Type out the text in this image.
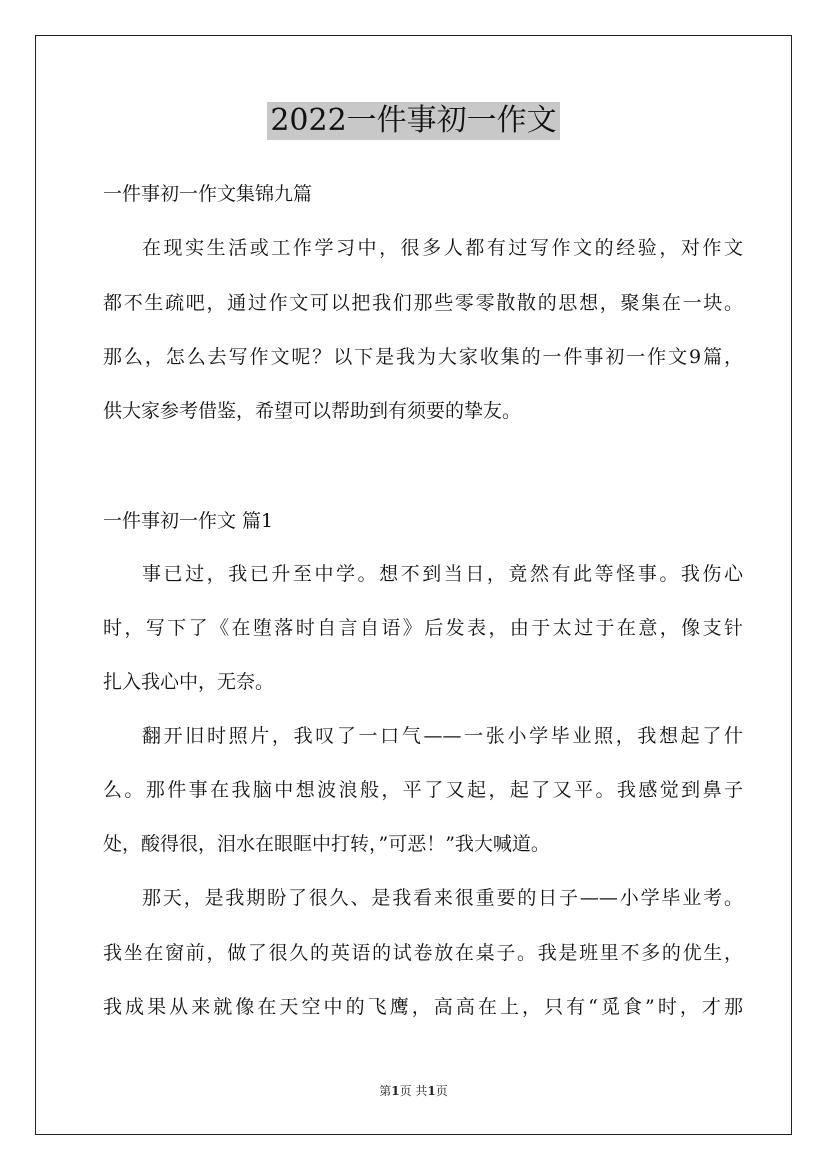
2022一件事初一作文
一件事初一作文集锦九篇
在现实生活或工作学习中，很多人都有过写作文的经验，对作文
都不生疏吧，通过作文可以把我们那些零零散散的思想，聚集在一块。
那么，怎么去写作文呢？以下是我为大家收集的一件事初一作文9篇，
供大家参考借鉴，希望可以帮助到有须要的挚友。
一件事初一作文 篇1
事已过，我已升至中学。想不到当日，竟然有此等怪事。我伤心
时，写下了《在堕落时自言自语》后发表，由于太过于在意，像支针
扎入我心中，无奈。
翻开旧时照片，我叹了一口气——一张小学毕业照，我想起了什
么。那件事在我脑中想波浪般，平了又起，起了又平。我感觉到鼻子
处，酸得很，泪水在眼眶中打转，”可恶！”我大喊道。
那天，是我期盼了很久、是我看来很重要的日子——小学毕业考。
我坐在窗前，做了很久的英语的试卷放在桌子。我是班里不多的优生，
我成果从来就像在天空中的飞鹰，高高在上，只有“觅食”时，才那
第1页 共1页
